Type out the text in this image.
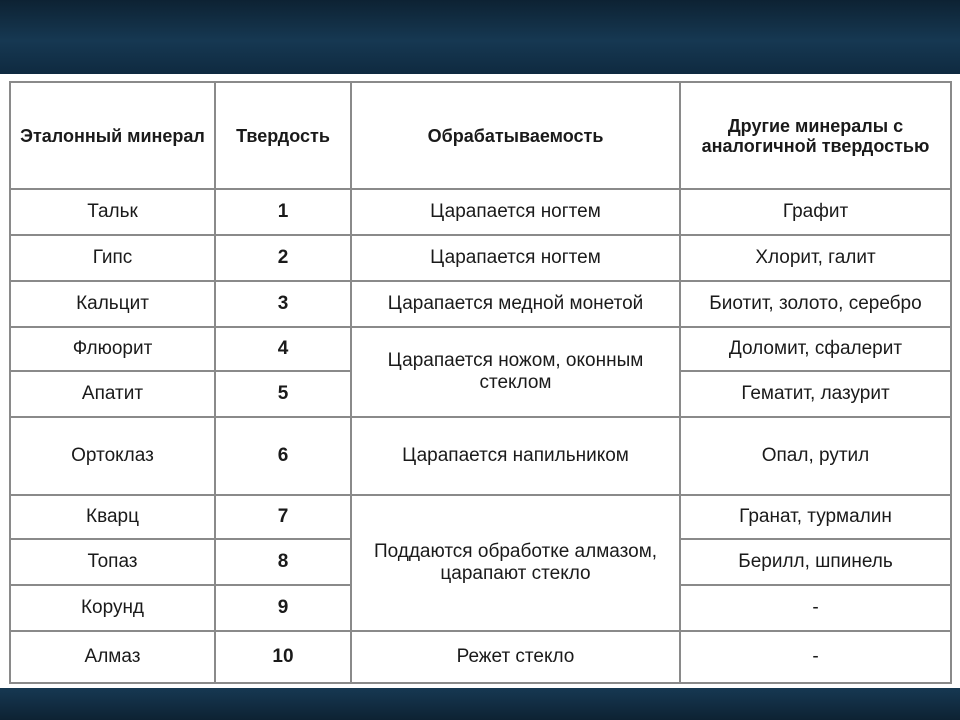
Эталонный минерал	Твердость	Обрабатываемость	Другие минералы с аналогичной твердостью
Тальк	1	Царапается ногтем	Графит
Гипс	2	Царапается ногтем	Хлорит, галит
Кальцит	3	Царапается медной монетой	Биотит, золото, серебро
Флюорит	4	Царапается ножом, оконным стеклом	Доломит, сфалерит
Апатит	5		Гематит, лазурит
Ортоклаз	6	Царапается напильником	Опал, рутил
Кварц	7	Поддаются обработке алмазом, царапают стекло	Гранат, турмалин
Топаз	8		Берилл, шпинель
Корунд	9		-
Алмаз	10	Режет стекло	-
